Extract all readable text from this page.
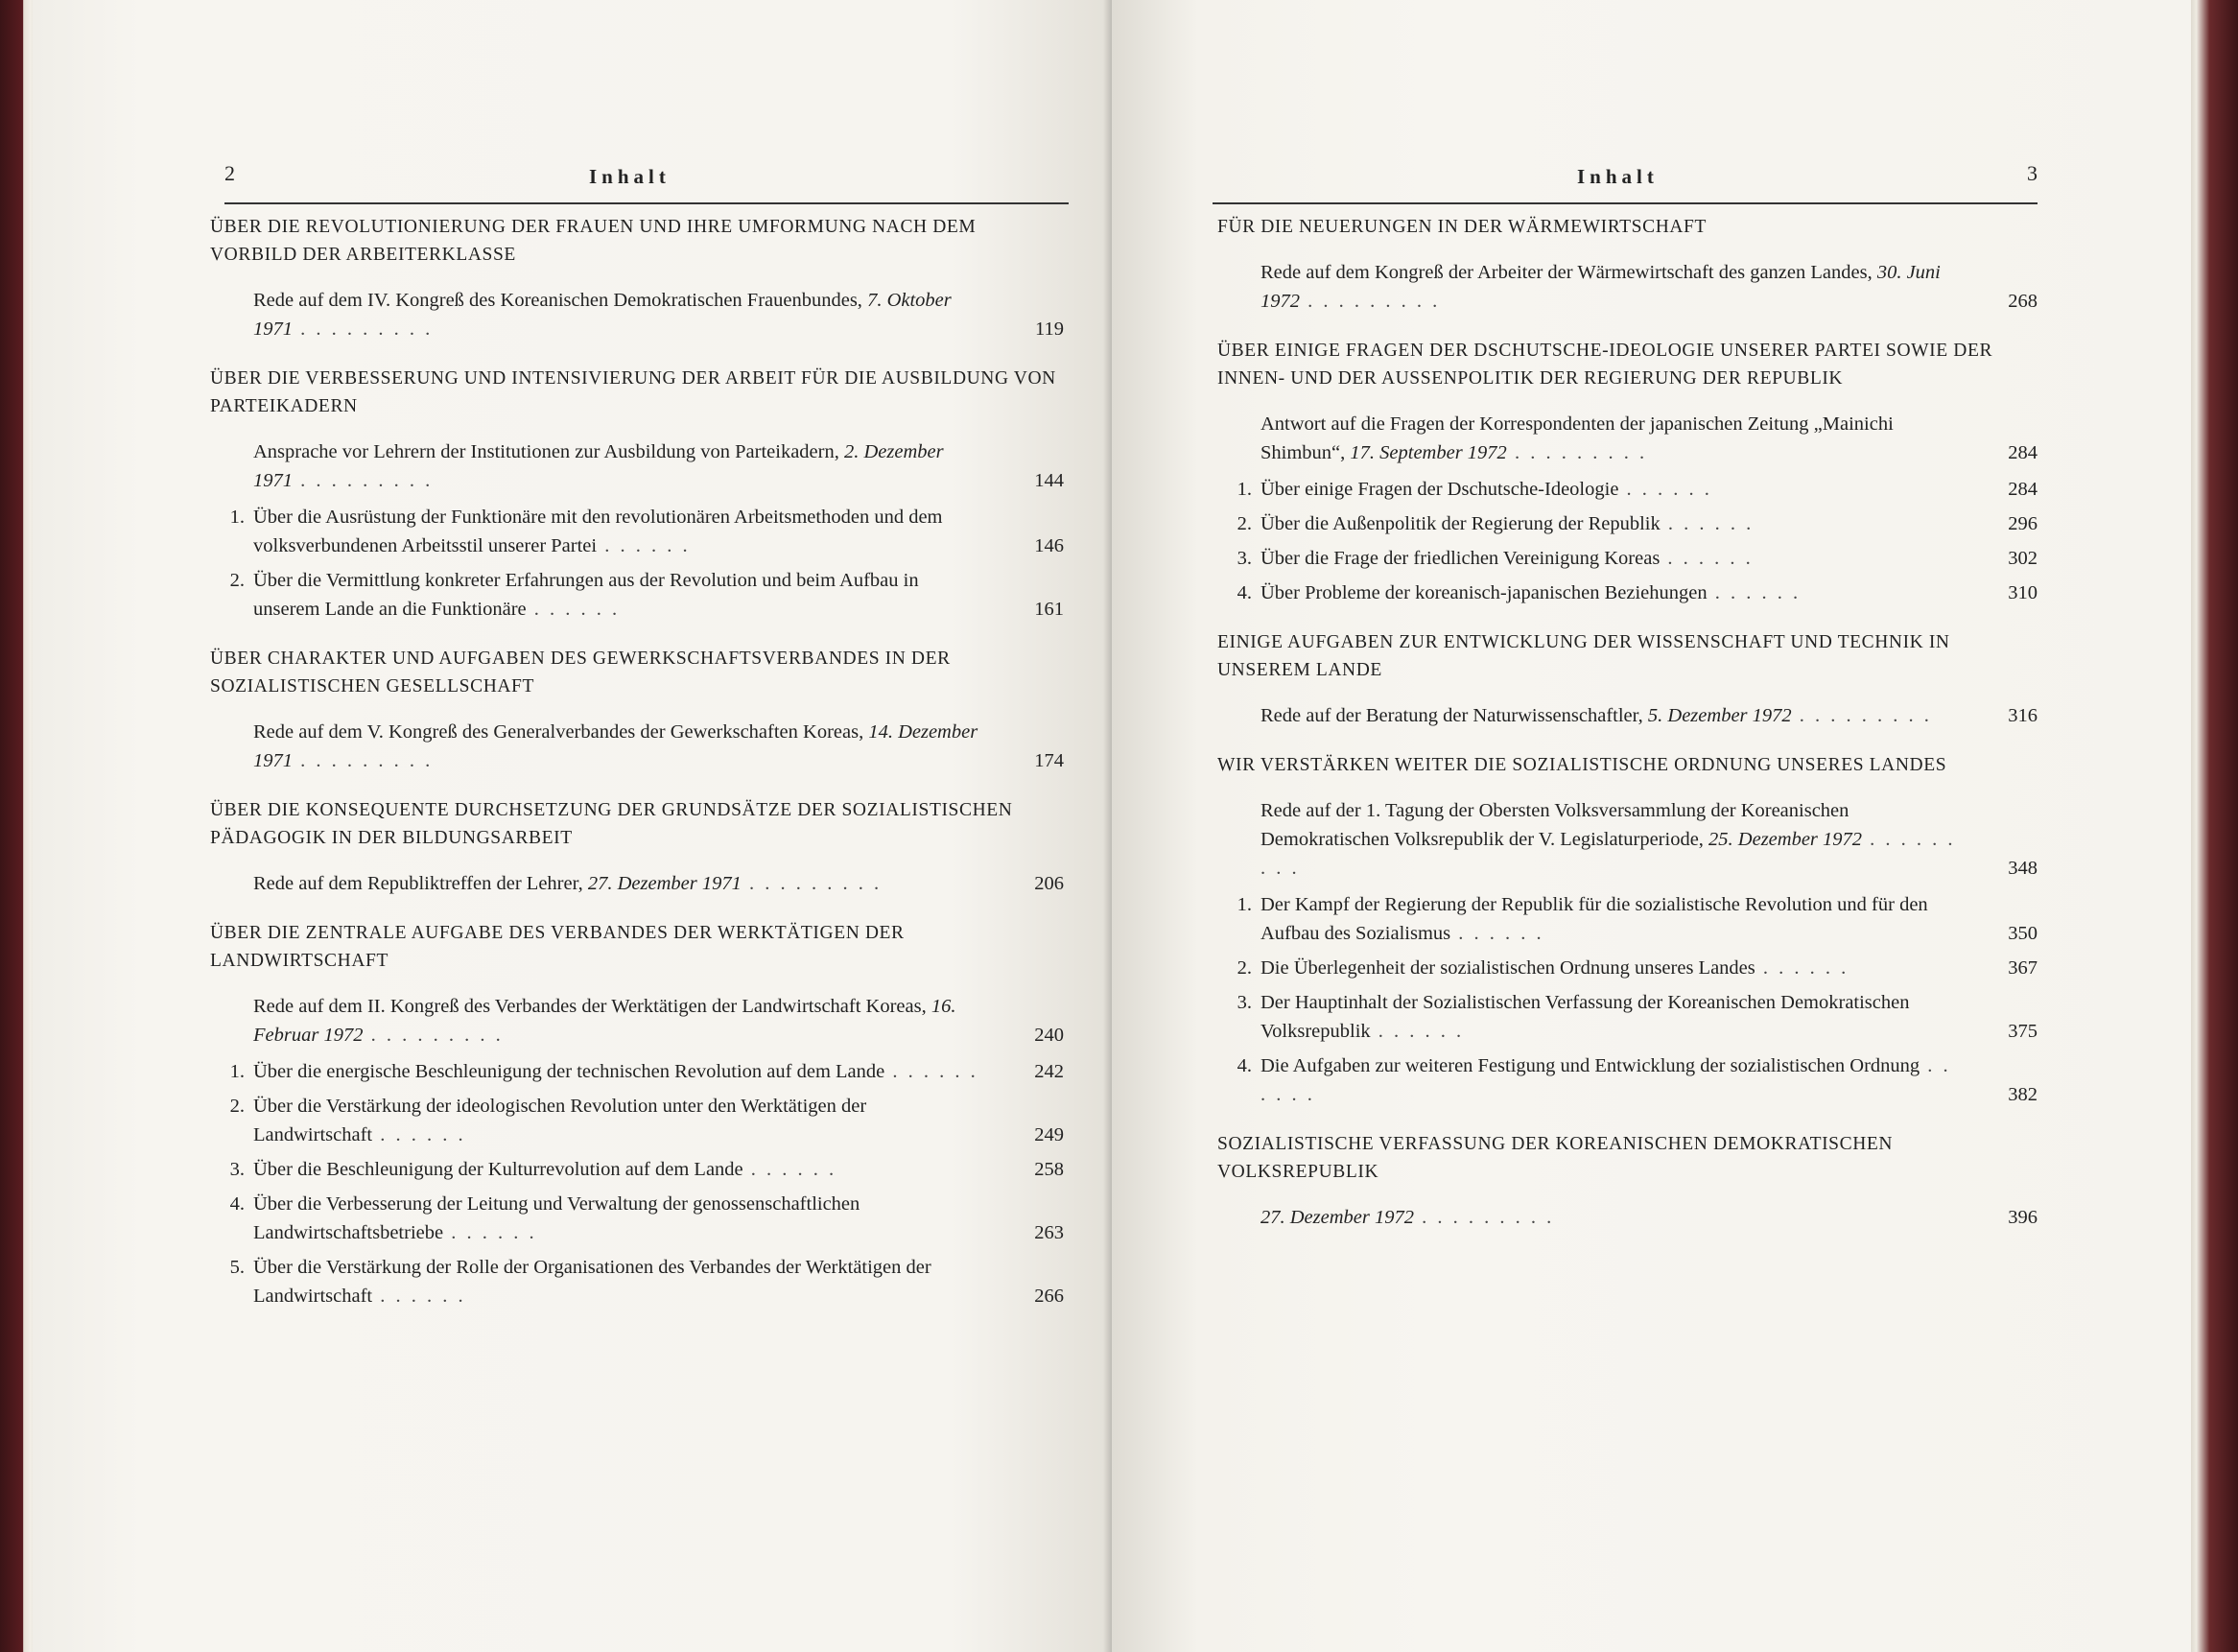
2	Inhalt
ÜBER DIE REVOLUTIONIERUNG DER FRAUEN UND IHRE UMFORMUNG NACH DEM VORBILD DER ARBEITERKLASSE
Rede auf dem IV. Kongreß des Koreanischen Demokratischen Frauenbundes, 7. Oktober 1971 . . . . . . . . .	119
ÜBER DIE VERBESSERUNG UND INTENSIVIERUNG DER ARBEIT FÜR DIE AUSBILDUNG VON PARTEIKADERN
Ansprache vor Lehrern der Institutionen zur Ausbildung von Parteikadern, 2. Dezember 1971 . . . . . . . . .	144
1. Über die Ausrüstung der Funktionäre mit den revolutionären Arbeitsmethoden und dem volksverbundenen Arbeitsstil unserer Partei . . . . . .	146
2. Über die Vermittlung konkreter Erfahrungen aus der Revolution und beim Aufbau in unserem Lande an die Funktionäre . . . . . .	161
ÜBER CHARAKTER UND AUFGABEN DES GEWERKSCHAFTSVERBANDES IN DER SOZIALISTISCHEN GESELLSCHAFT
Rede auf dem V. Kongreß des Generalverbandes der Gewerkschaften Koreas, 14. Dezember 1971 . . . . . . . . .	174
ÜBER DIE KONSEQUENTE DURCHSETZUNG DER GRUNDSÄTZE DER SOZIALISTISCHEN PÄDAGOGIK IN DER BILDUNGSARBEIT
Rede auf dem Republiktreffen der Lehrer, 27. Dezember 1971 . . . . . . . . .	206
ÜBER DIE ZENTRALE AUFGABE DES VERBANDES DER WERKTÄTIGEN DER LANDWIRTSCHAFT
Rede auf dem II. Kongreß des Verbandes der Werktätigen der Landwirtschaft Koreas, 16. Februar 1972 . . . . . . . . .	240
1. Über die energische Beschleunigung der technischen Revolution auf dem Lande . . . . . .	242
2. Über die Verstärkung der ideologischen Revolution unter den Werktätigen der Landwirtschaft . . . . . .	249
3. Über die Beschleunigung der Kulturrevolution auf dem Lande . . . . . .	258
4. Über die Verbesserung der Leitung und Verwaltung der genossenschaftlichen Landwirtschaftsbetriebe . . . . . .	263
5. Über die Verstärkung der Rolle der Organisationen des Verbandes der Werktätigen der Landwirtschaft . . . . . .	266
Inhalt	3
FÜR DIE NEUERUNGEN IN DER WÄRMEWIRTSCHAFT
Rede auf dem Kongreß der Arbeiter der Wärmewirtschaft des ganzen Landes, 30. Juni 1972 . . . . . . . . .	268
ÜBER EINIGE FRAGEN DER DSCHUTSCHE-IDEOLOGIE UNSERER PARTEI SOWIE DER INNEN- UND DER AUSSENPOLITIK DER REGIERUNG DER REPUBLIK
Antwort auf die Fragen der Korrespondenten der japanischen Zeitung „Mainichi Shimbun“, 17. September 1972 . . . . . . . . .	284
1. Über einige Fragen der Dschutsche-Ideologie . . . . . .	284
2. Über die Außenpolitik der Regierung der Republik . . . . . .	296
3. Über die Frage der friedlichen Vereinigung Koreas . . . . . .	302
4. Über Probleme der koreanisch-japanischen Beziehungen . . . . . .	310
EINIGE AUFGABEN ZUR ENTWICKLUNG DER WISSENSCHAFT UND TECHNIK IN UNSEREM LANDE
Rede auf der Beratung der Naturwissenschaftler, 5. Dezember 1972 . . . . . . . . .	316
WIR VERSTÄRKEN WEITER DIE SOZIALISTISCHE ORDNUNG UNSERES LANDES
Rede auf der 1. Tagung der Obersten Volksversammlung der Koreanischen Demokratischen Volksrepublik der V. Legislaturperiode, 25. Dezember 1972 . . . . . . . . .	348
1. Der Kampf der Regierung der Republik für die sozialistische Revolution und für den Aufbau des Sozialismus . . . . . .	350
2. Die Überlegenheit der sozialistischen Ordnung unseres Landes . . . . . .	367
3. Der Hauptinhalt der Sozialistischen Verfassung der Koreanischen Demokratischen Volksrepublik . . . . . .	375
4. Die Aufgaben zur weiteren Festigung und Entwicklung der sozialistischen Ordnung . . . . . .	382
SOZIALISTISCHE VERFASSUNG DER KOREANISCHEN DEMOKRATISCHEN VOLKSREPUBLIK
27. Dezember 1972 . . . . . . . . .	396
